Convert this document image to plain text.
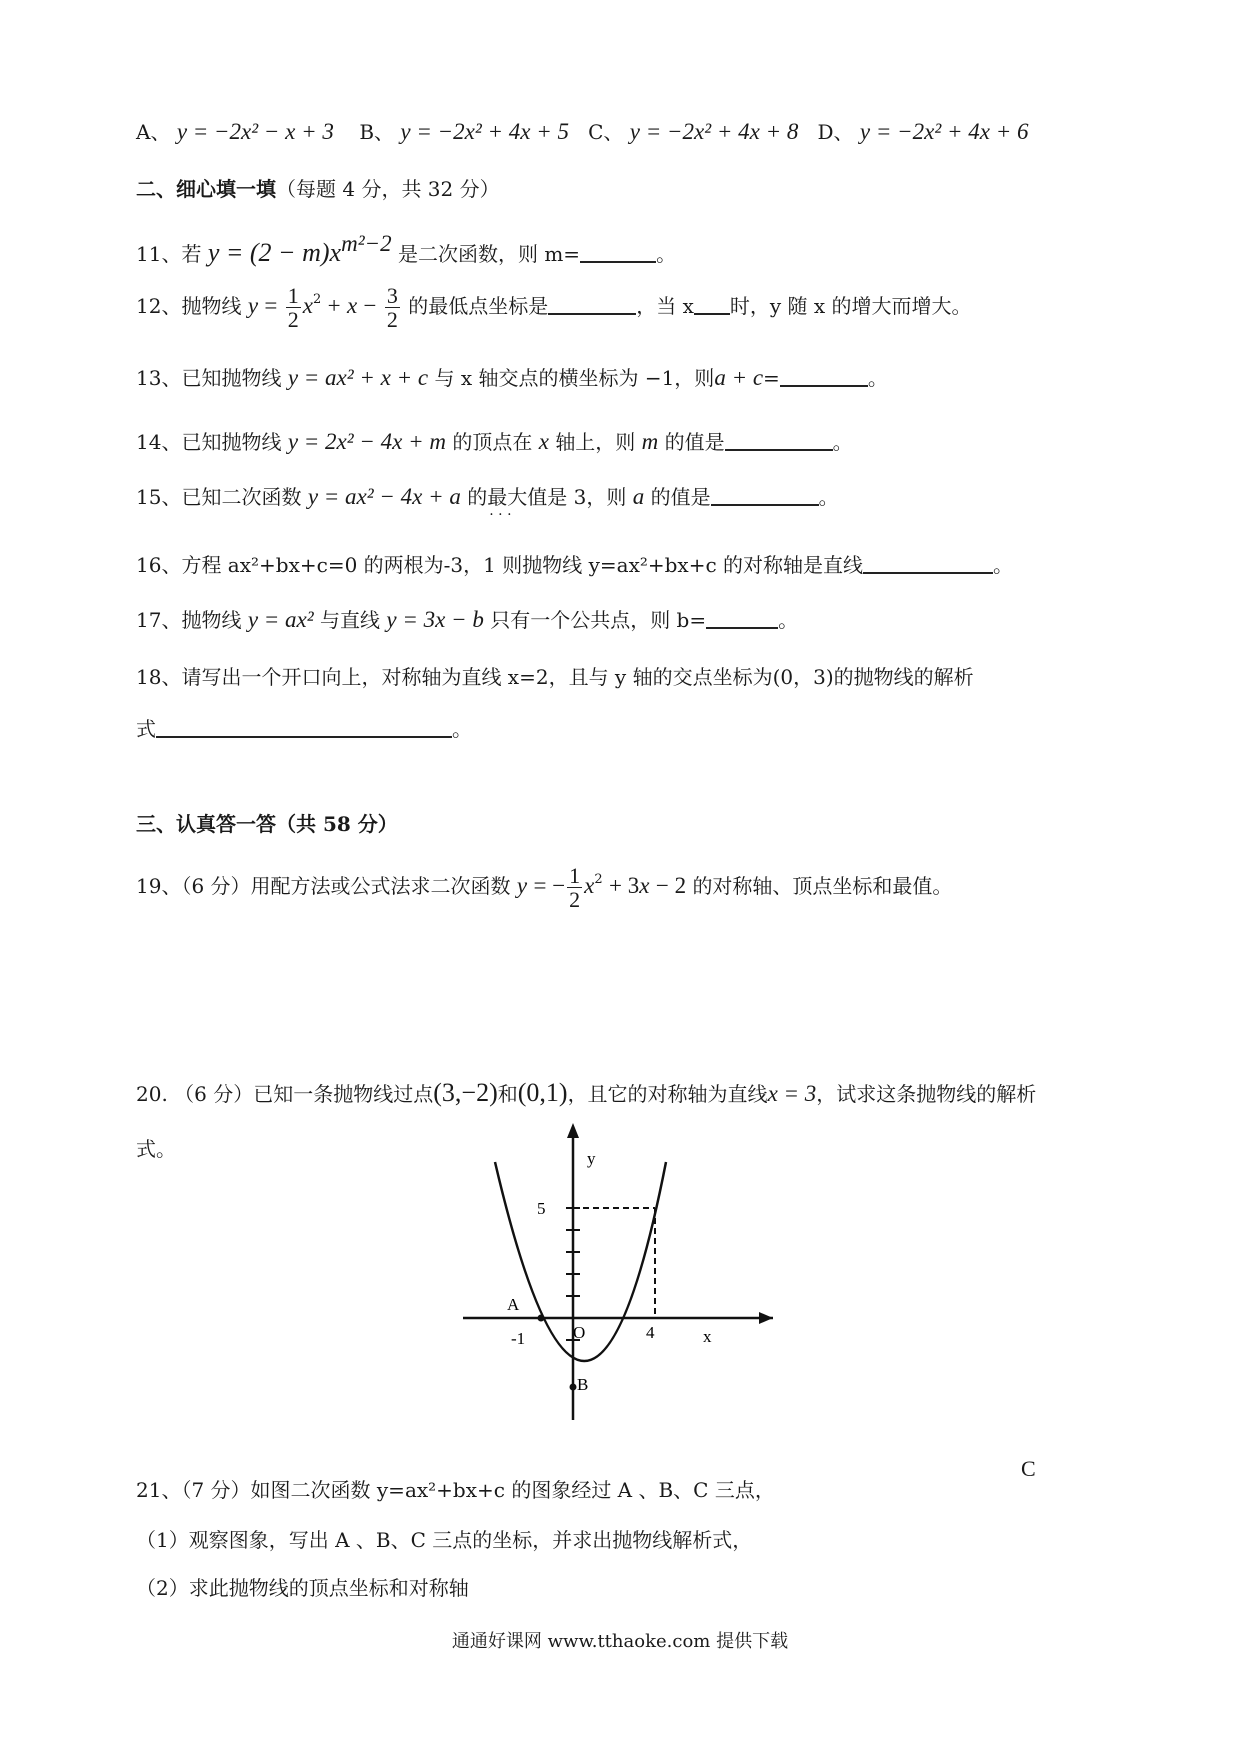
A、 y = −2x² − x + 3 B、 y = −2x² + 4x + 5 C、 y = −2x² + 4x + 8 D、 y = −2x² + 4x + 6
二、细心填一填（每题 4 分，共 32 分）
11、若 $y = (2 - m)x^{m^2-2}$ 是二次函数，则 m=	。
12、抛物线 $y = \frac{1}{2} x^2 + x - \frac{3}{2}$ 的最低点坐标是	，当 x 时，y 随 x 的增大而增大。
13、已知抛物线 y = ax² + x + c 与 x 轴交点的横坐标为 −1，则a + c=	。
14、已知抛物线 y = 2x² − 4x + m 的顶点在 x 轴上，则 m 的值是	。
15、已知二次函数 y = ax² − 4x + a 的最大值 · · ·是 3，则 a 的值是	。
16、方程 ax²+bx+c=0 的两根为-3，1 则抛物线 y=ax²+bx+c 的对称轴是直线	。
17、抛物线 y = ax² 与直线 y = 3x − b 只有一个公共点，则 b=	。
18、请写出一个开口向上，对称轴为直线 x=2，且与 y 轴的交点坐标为(0，3)的抛物线的解析
式	。
三、认真答一答（共 58 分）
19、（6 分）用配方法或公式法求二次函数 y = − $\frac{1}{2} x^2 + 3x - 2$ 的对称轴、顶点坐标和最值。
20. （6 分）已知一条抛物线过点(3,−2)和(0,1)，且它的对称轴为直线x = 3，试求这条抛物线的解析
式。	y
5
A
-1	O	4	x
B
C
21、（7 分）如图二次函数 y=ax²+bx+c 的图象经过 A 、B、C 三点，
（1）观察图象，写出 A 、B、C 三点的坐标，并求出抛物线解析式，
（2）求此抛物线的顶点坐标和对称轴
通通好课网 www.tthaoke.com 提供下载
